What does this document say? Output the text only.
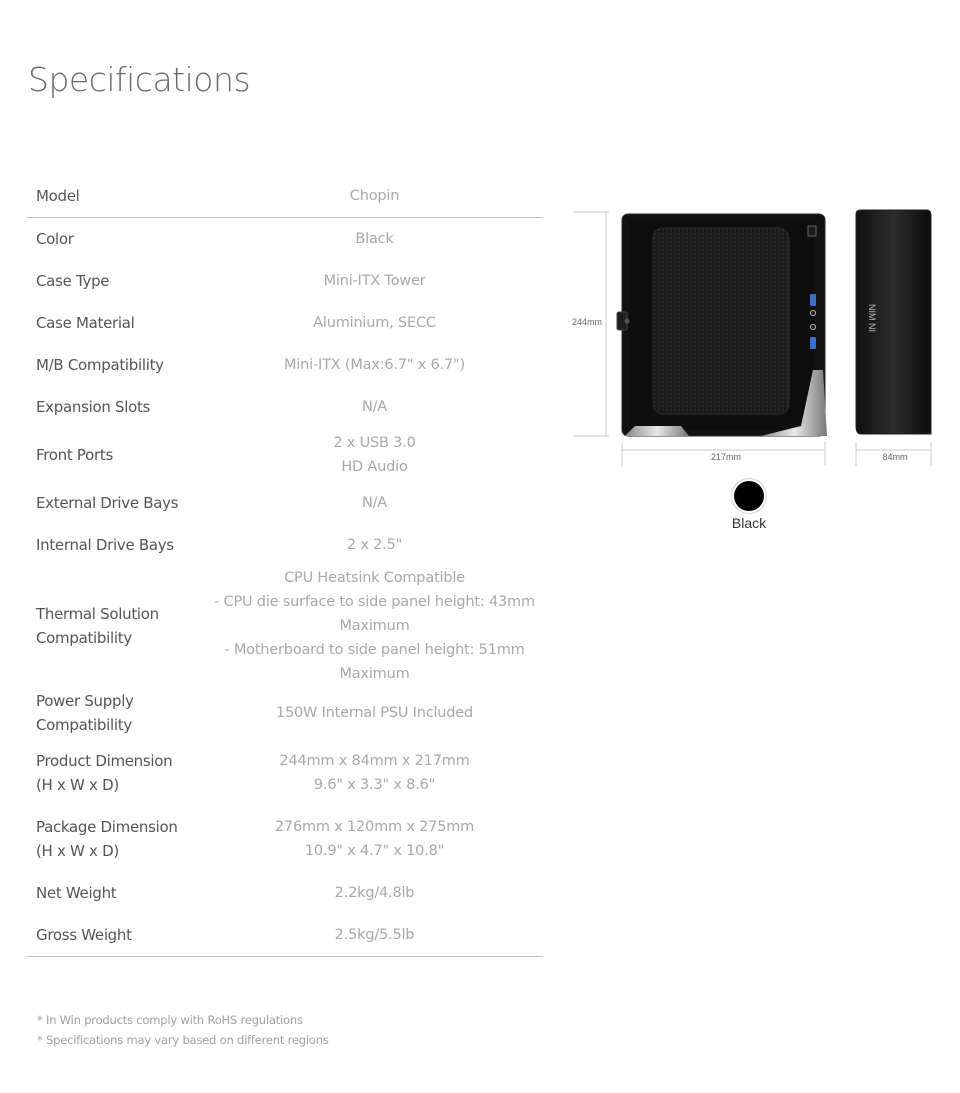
Specifications
Model	Chopin
Color	Black
Case Type	Mini-ITX Tower
Case Material	Aluminium, SECC
M/B Compatibility	Mini-ITX (Max:6.7" x 6.7")
Expansion Slots	N/A
Front Ports	2 x USB 3.0
HD Audio
External Drive Bays	N/A
Internal Drive Bays	2 x 2.5"
Thermal Solution
Compatibility	CPU Heatsink Compatible
- CPU die surface to side panel height: 43mm
Maximum
- Motherboard to side panel height: 51mm
Maximum
Power Supply
Compatibility	150W Internal PSU Included
Product Dimension
(H x W x D)	244mm x 84mm x 217mm
9.6" x 3.3" x 8.6"
Package Dimension
(H x W x D)	276mm x 120mm x 275mm
10.9" x 4.7" x 10.8"
Net Weight	2.2kg/4.8lb
Gross Weight	2.5kg/5.5lb
* In Win products comply with RoHS regulations
* Specifications may vary based on different regions
244mm
217mm
NIM NI
84mm
Black
